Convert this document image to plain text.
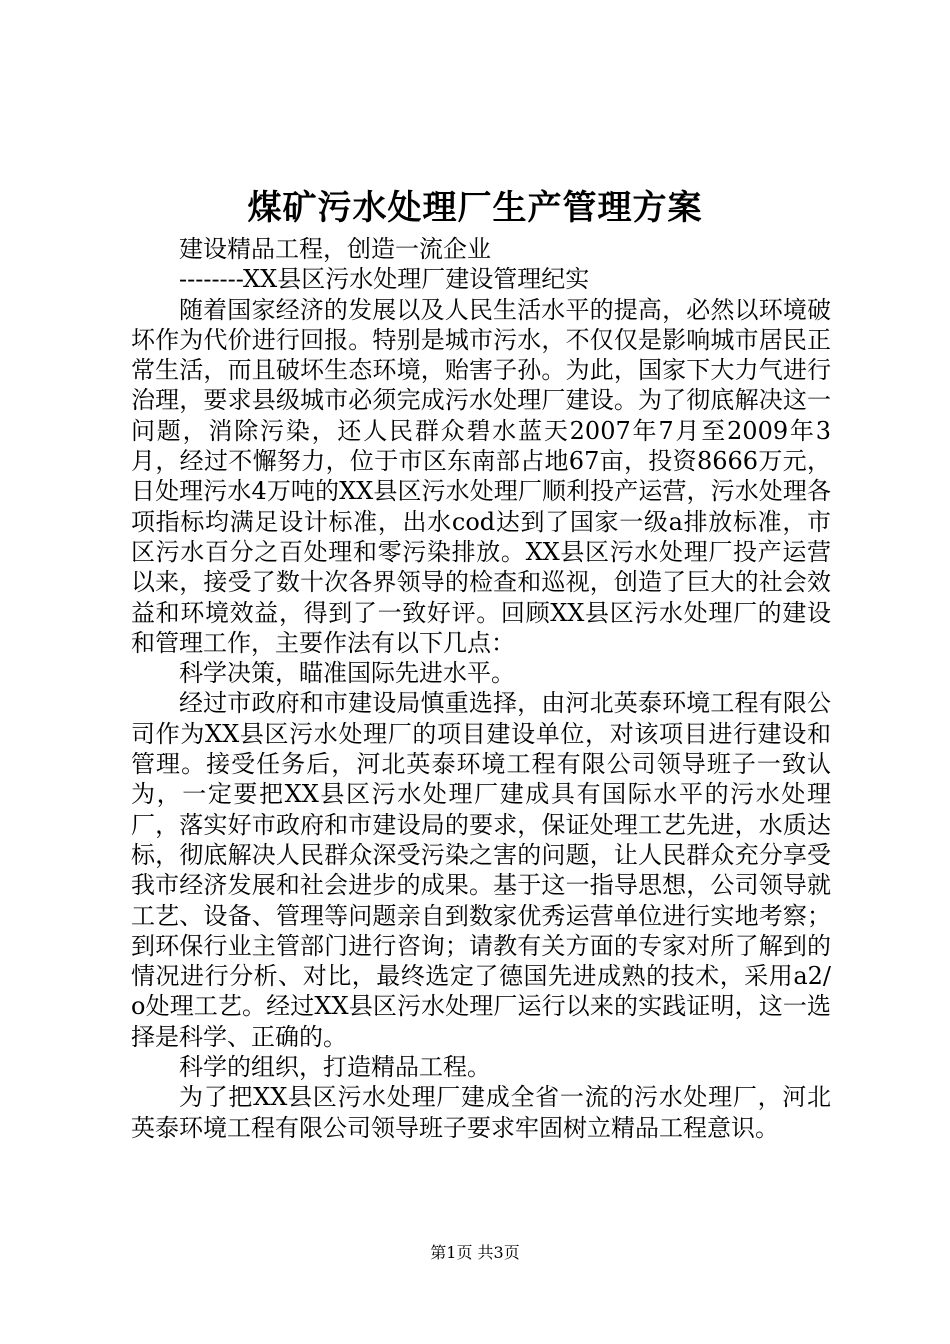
煤矿污水处理厂生产管理方案

建设精品工程，创造一流企业

--------XX县区污水处理厂建设管理纪实

随着国家经济的发展以及人民生活水平的提高，必然以环境破坏作为代价进行回报。特别是城市污水，不仅仅是影响城市居民正常生活，而且破坏生态环境，贻害子孙。为此，国家下大力气进行治理，要求县级城市必须完成污水处理厂建设。为了彻底解决这一问题，消除污染，还人民群众碧水蓝天2007年7月至2009年3月，经过不懈努力，位于市区东南部占地67亩，投资8666万元，日处理污水4万吨的XX县区污水处理厂顺利投产运营，污水处理各项指标均满足设计标准，出水cod达到了国家一级a排放标准，市区污水百分之百处理和零污染排放。XX县区污水处理厂投产运营以来，接受了数十次各界领导的检查和巡视，创造了巨大的社会效益和环境效益，得到了一致好评。回顾XX县区污水处理厂的建设和管理工作，主要作法有以下几点：

科学决策，瞄准国际先进水平。

经过市政府和市建设局慎重选择，由河北英泰环境工程有限公司作为XX县区污水处理厂的项目建设单位，对该项目进行建设和管理。接受任务后，河北英泰环境工程有限公司领导班子一致认为，一定要把XX县区污水处理厂建成具有国际水平的污水处理厂，落实好市政府和市建设局的要求，保证处理工艺先进，水质达标，彻底解决人民群众深受污染之害的问题，让人民群众充分享受我市经济发展和社会进步的成果。基于这一指导思想，公司领导就工艺、设备、管理等问题亲自到数家优秀运营单位进行实地考察；到环保行业主管部门进行咨询；请教有关方面的专家对所了解到的情况进行分析、对比，最终选定了德国先进成熟的技术，采用a2/o处理工艺。经过XX县区污水处理厂运行以来的实践证明，这一选择是科学、正确的。

科学的组织，打造精品工程。

为了把XX县区污水处理厂建成全省一流的污水处理厂，河北英泰环境工程有限公司领导班子要求牢固树立精品工程意识。

第1页 共3页
